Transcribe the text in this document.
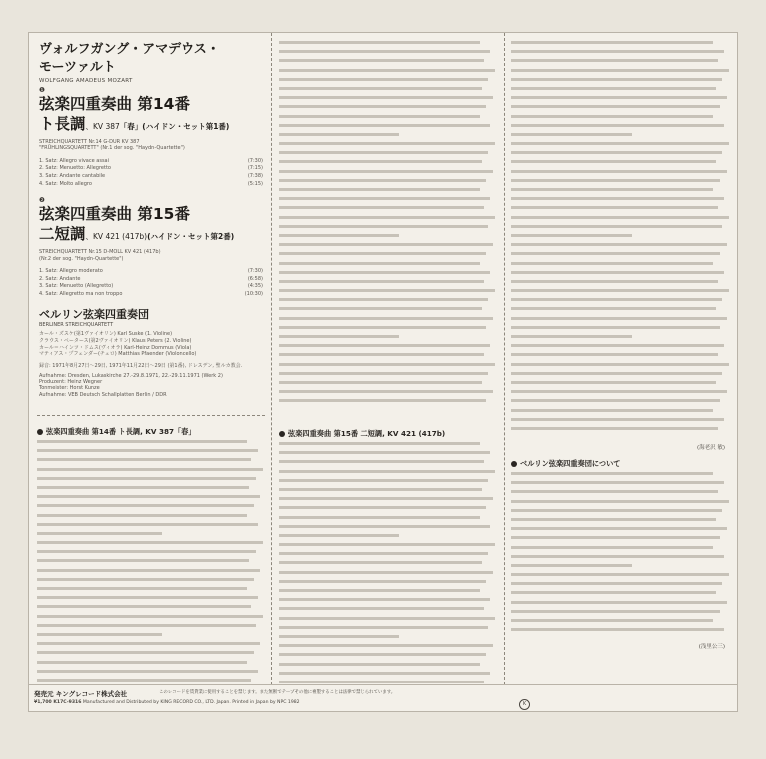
ヴォルフガング・アマデウス・
モーツァルト
WOLFGANG AMADEUS MOZART
❶
弦楽四重奏曲 第14番
ト長調、KV 387「春」(ハイドン・セット第1番)
STREICHQUARTETT Nr.14 G-DUR KV 387
"FRÜHLINGSQUARTETT" (Nr.1 der sog. "Haydn-Quartette")
1. Satz: Allegro vivace assai	(7:30)
2. Satz: Menuetto: Allegretto	(7:15)
3. Satz: Andante cantabile	(7:38)
4. Satz: Molto allegro	(5:15)
❷
弦楽四重奏曲 第15番
二短調、KV 421 (417b)(ハイドン・セット第2番)
STREICHQUARTETT Nr.15 D-MOLL KV 421 (417b)
(Nr.2 der sog. "Haydn-Quartette")
1. Satz: Allegro moderato	(7:30)
2. Satz: Andante	(6:58)
3. Satz: Menuetto (Allegretto)	(4:35)
4. Satz: Allegretto ma non troppo	(10:30)
ベルリン弦楽四重奏団
BERLINER STREICHQUARTETT
カール・ズスケ(第1ヴァイオリン) Karl Suske (1. Violine)
クラウス・ペータース(第2ヴァイオリン) Klaus Peters (2. Violine)
カール＝ハインツ・ドムス(ヴィオラ) Karl-Heinz Dommus (Viola)
マティアス・プフェンダー(チェロ) Matthias Pfaender (Violoncello)
録音: 1971年8月27日〜29日, 1971年11月22日〜29日 (第1番), ドレスデン, 聖ルカ教会.
Aufnahme: Dresden, Lukaskirche 27.-29.8.1971, 22.-29.11.1971 (Werk 2)
Produzent: Heinz Wegner
Tonmeister: Horst Kunze
Aufnahme: VEB Deutsch Schallplatten Berlin / DDR
弦楽四重奏曲 第14番 ト長調, KV 387「春」	弦楽四重奏曲 第15番 二短調, KV 421 (417b)
(海老沢 敏)
ベルリン弦楽四重奏団について
(浅里公三)
発売元 キングレコード株式会社
¥1,700 K17C-9316 Manufactured and Distributed by KING RECORD CO., LTD. Japan. Printed in Japan by NPC 1982
このレコードを賃貸業に使用することを禁じます。また無断でテープその他に複製することは法律で禁じられています。
K
